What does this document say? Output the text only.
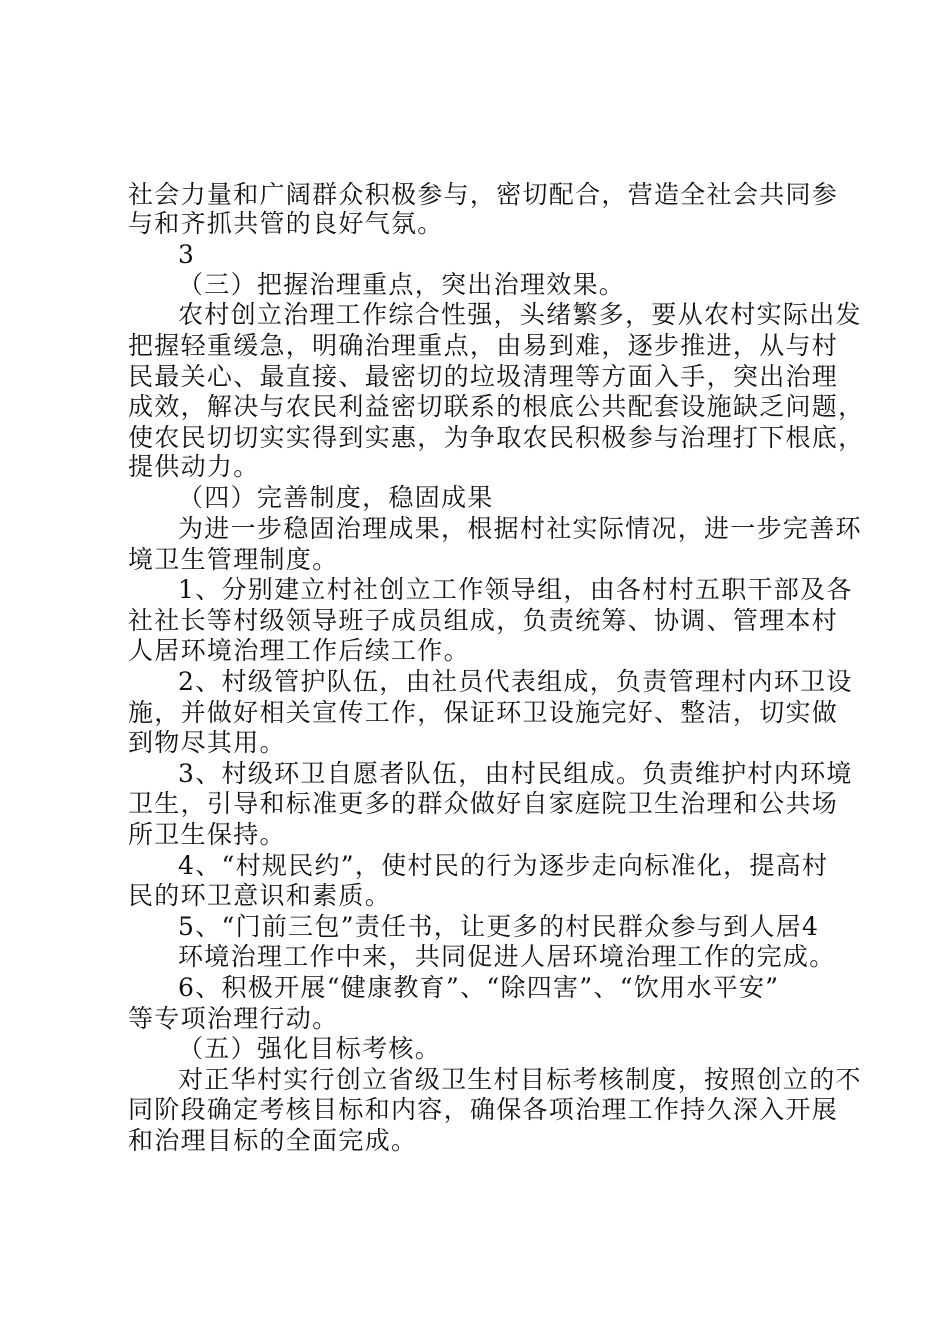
社会力量和广阔群众积极参与，密切配合，营造全社会共同参
与和齐抓共管的良好气氛。
3
（三）把握治理重点，突出治理效果。
农村创立治理工作综合性强，头绪繁多，要从农村实际出发
把握轻重缓急，明确治理重点，由易到难，逐步推进，从与村
民最关心、最直接、最密切的垃圾清理等方面入手，突出治理
成效，解决与农民利益密切联系的根底公共配套设施缺乏问题，
使农民切切实实得到实惠，为争取农民积极参与治理打下根底，
提供动力。
（四）完善制度，稳固成果
为进一步稳固治理成果，根据村社实际情况，进一步完善环
境卫生管理制度。
1、分别建立村社创立工作领导组，由各村村五职干部及各
社社长等村级领导班子成员组成，负责统筹、协调、管理本村
人居环境治理工作后续工作。
2、村级管护队伍，由社员代表组成，负责管理村内环卫设
施，并做好相关宣传工作，保证环卫设施完好、整洁，切实做
到物尽其用。
3、村级环卫自愿者队伍，由村民组成。负责维护村内环境
卫生，引导和标准更多的群众做好自家庭院卫生治理和公共场
所卫生保持。
4、“村规民约”，使村民的行为逐步走向标准化，提高村
民的环卫意识和素质。
5、“门前三包”责任书，让更多的村民群众参与到人居4
环境治理工作中来，共同促进人居环境治理工作的完成。
6、积极开展“健康教育”、“除四害”、“饮用水平安”
等专项治理行动。
（五）强化目标考核。
对正华村实行创立省级卫生村目标考核制度，按照创立的不
同阶段确定考核目标和内容，确保各项治理工作持久深入开展
和治理目标的全面完成。
